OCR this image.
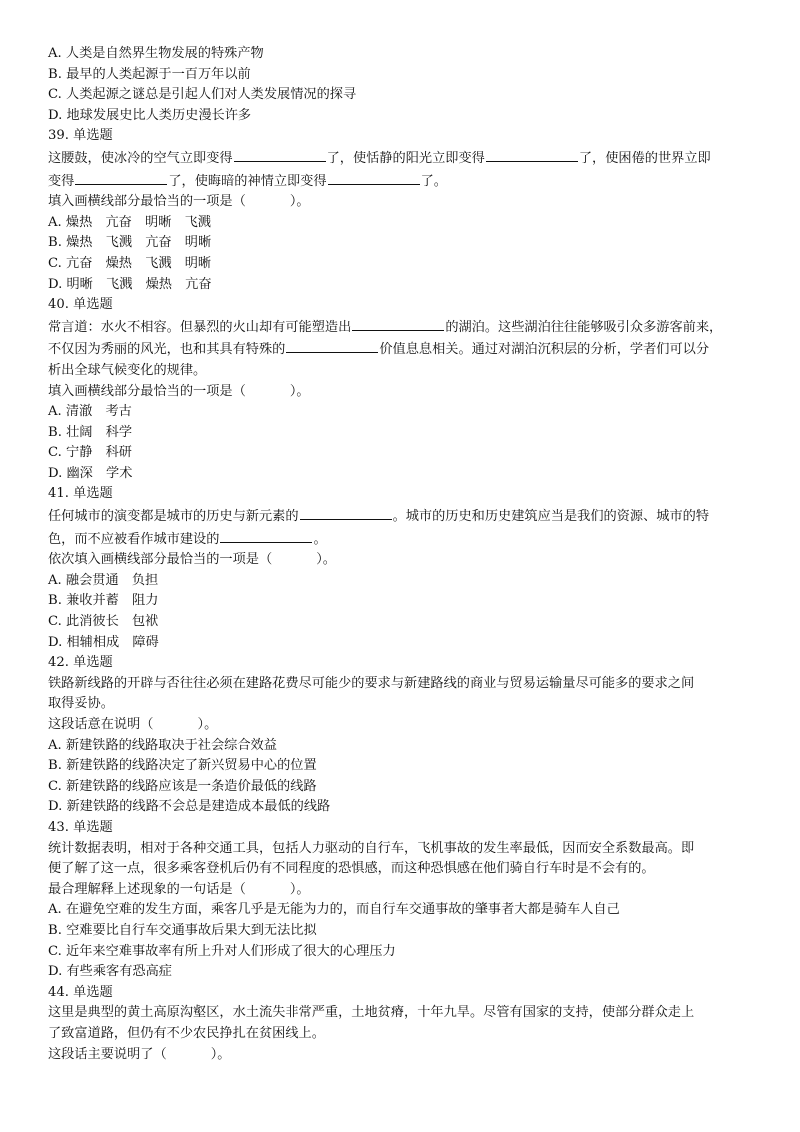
A. 人类是自然界生物发展的特殊产物
B. 最早的人类起源于一百万年以前
C. 人类起源之谜总是引起人们对人类发展情况的探寻
D. 地球发展史比人类历史漫长许多
39. 单选题
这腰鼓，使冰冷的空气立即变得	了，使恬静的阳光立即变得	了，使困倦的世界立即
变得	了，使晦暗的神情立即变得	了。
填入画横线部分最恰当的一项是（	）。
A. 燥热　亢奋　明晰　飞溅
B. 燥热　飞溅　亢奋　明晰
C. 亢奋　燥热　飞溅　明晰
D. 明晰　飞溅　燥热　亢奋
40. 单选题
常言道：水火不相容。但暴烈的火山却有可能塑造出	的湖泊。这些湖泊往往能够吸引众多游客前来，
不仅因为秀丽的风光，也和其具有特殊的	价值息息相关。通过对湖泊沉积层的分析，学者们可以分
析出全球气候变化的规律。
填入画横线部分最恰当的一项是（	）。
A. 清澈　考古
B. 壮阔　科学
C. 宁静　科研
D. 幽深　学术
41. 单选题
任何城市的演变都是城市的历史与新元素的	。城市的历史和历史建筑应当是我们的资源、城市的特
色，而不应被看作城市建设的	。
依次填入画横线部分最恰当的一项是（	）。
A. 融会贯通　负担
B. 兼收并蓄　阻力
C. 此消彼长　包袱
D. 相辅相成　障碍
42. 单选题
铁路新线路的开辟与否往往必须在建路花费尽可能少的要求与新建路线的商业与贸易运输量尽可能多的要求之间
取得妥协。
这段话意在说明（	）。
A. 新建铁路的线路取决于社会综合效益
B. 新建铁路的线路决定了新兴贸易中心的位置
C. 新建铁路的线路应该是一条造价最低的线路
D. 新建铁路的线路不会总是建造成本最低的线路
43. 单选题
统计数据表明，相对于各种交通工具，包括人力驱动的自行车，飞机事故的发生率最低，因而安全系数最高。即
便了解了这一点，很多乘客登机后仍有不同程度的恐惧感，而这种恐惧感在他们骑自行车时是不会有的。
最合理解释上述现象的一句话是（	）。
A. 在避免空难的发生方面，乘客几乎是无能为力的，而自行车交通事故的肇事者大都是骑车人自己
B. 空难要比自行车交通事故后果大到无法比拟
C. 近年来空难事故率有所上升对人们形成了很大的心理压力
D. 有些乘客有恐高症
44. 单选题
这里是典型的黄土高原沟壑区，水土流失非常严重，土地贫瘠，十年九旱。尽管有国家的支持，使部分群众走上
了致富道路，但仍有不少农民挣扎在贫困线上。
这段话主要说明了（	）。
